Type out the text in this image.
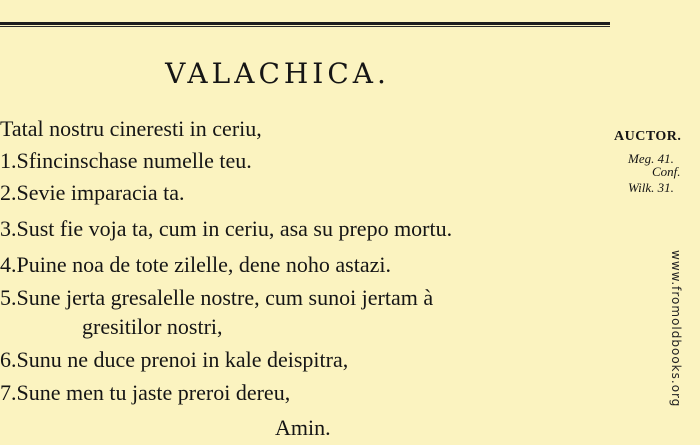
VALACHICA.
Tatal nostru cineresti in ceriu,
1.Sfincinschase numelle teu.
2.Sevie imparacia ta.
3.Sust fie voja ta, cum in ceriu, asa su prepo mortu.
4.Puine noa de tote zilelle, dene noho astazi.
5.Sune jerta gresalelle nostre, cum sunoi jertam à
gresitilor nostri,
6.Sunu ne duce prenoi in kale deispitra,
7.Sune men tu jaste preroi dereu,
Amin.
AUCTOR.
Meg. 41.
Conf.
Wilk. 31.
www.fromoldbooks.org
